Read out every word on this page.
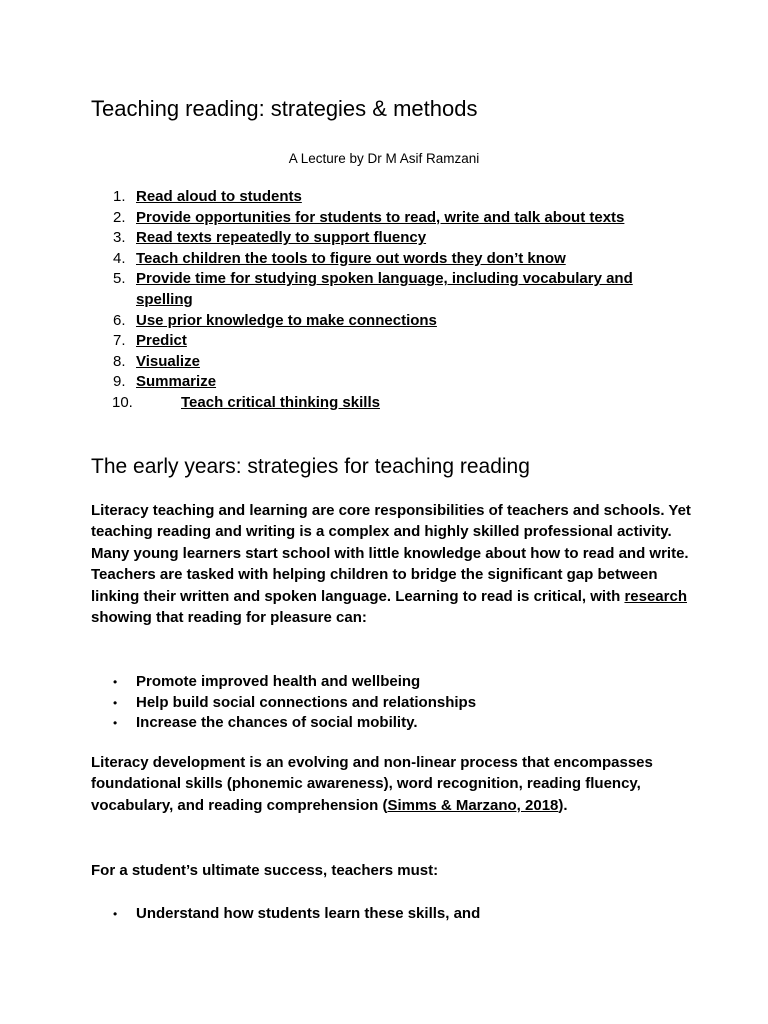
Teaching reading: strategies & methods

A Lecture by Dr M Asif Ramzani

1. Read aloud to students
2. Provide opportunities for students to read, write and talk about texts
3. Read texts repeatedly to support fluency
4. Teach children the tools to figure out words they don’t know
5. Provide time for studying spoken language, including vocabulary and spelling
6. Use prior knowledge to make connections
7. Predict
8. Visualize
9. Summarize
10.	Teach critical thinking skills
The early years: strategies for teaching reading

Literacy teaching and learning are core responsibilities of teachers and schools. Yet teaching reading and writing is a complex and highly skilled professional activity. Many young learners start school with little knowledge about how to read and write. Teachers are tasked with helping children to bridge the significant gap between linking their written and spoken language. Learning to read is critical, with research showing that reading for pleasure can:

• Promote improved health and wellbeing
• Help build social connections and relationships
• Increase the chances of social mobility.

Literacy development is an evolving and non-linear process that encompasses foundational skills (phonemic awareness), word recognition, reading fluency, vocabulary, and reading comprehension (Simms & Marzano, 2018).

For a student’s ultimate success, teachers must:

• Understand how students learn these skills, and
